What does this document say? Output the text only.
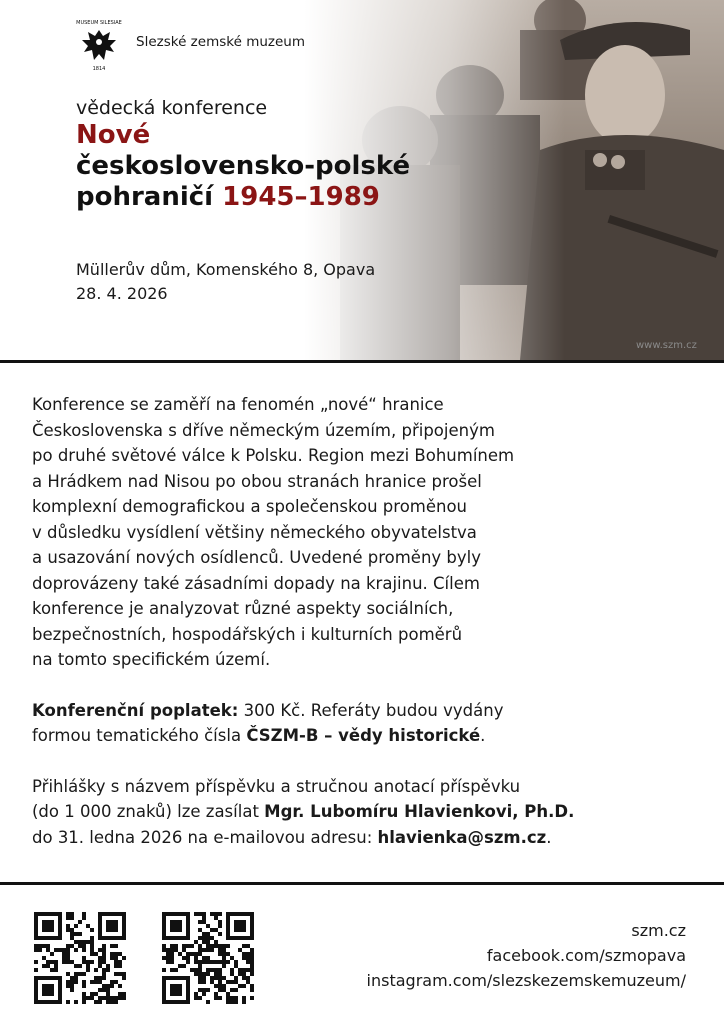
MUSEUM SILESIAE
1814
Slezské zemské muzeum
vědecká konference
Nové
československo-polské
pohraničí 1945–1989
Müllerův dům, Komenského 8, Opava
28. 4. 2026
www.szm.cz

Konference se zaměří na fenomén „nové“ hranice
Československa s dříve německým územím, připojeným
po druhé světové válce k Polsku. Region mezi Bohumínem
a Hrádkem nad Nisou po obou stranách hranice prošel
komplexní demografickou a společenskou proměnou
v důsledku vysídlení většiny německého obyvatelstva
a usazování nových osídlenců. Uvedené proměny byly
doprovázeny také zásadními dopady na krajinu. Cílem
konference je analyzovat různé aspekty sociálních,
bezpečnostních, hospodářských i kulturních poměrů
na tomto specifickém území.

Konferenční poplatek: 300 Kč. Referáty budou vydány
formou tematického čísla ČSZM-B – vědy historické.

Přihlášky s názvem příspěvku a stručnou anotací příspěvku
(do 1 000 znaků) lze zasílat Mgr. Lubomíru Hlavienkovi, Ph.D.
do 31. ledna 2026 na e-mailovou adresu: hlavienka@szm.cz.

szm.cz
facebook.com/szmopava
instagram.com/slezskezemskemuzeum/
